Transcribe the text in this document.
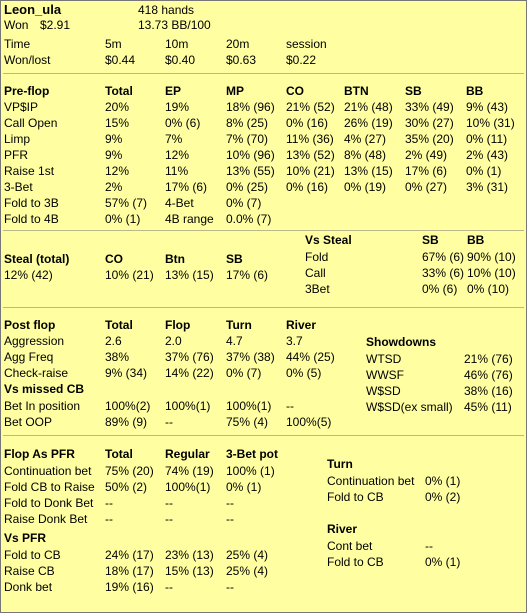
Leon_ula	418 hands
Won $2.91	13.73 BB/100
Time	5m	10m	20m	session
Won/lost	$0.44 $0.40	$0.63 $0.22
Pre-flop	Total	EP	MP	CO	BTN	SB	BB
VP$IP	20%	19%	18% (96) 21% (52) 21% (48) 33% (49) 9% (43)
Call Open	15%	0% (6) 8% (25) 0% (16) 26% (19) 30% (27) 10% (31)
Limp	9%	7%	7% (70) 11% (36) 4% (27) 35% (20) 0% (11)
PFR	9%	12%	10% (96) 13% (52) 8% (48) 2% (49) 2% (43)
Raise 1st	12%	11%	13% (55) 10% (21) 13% (15) 17% (6) 0% (1)
3-Bet	2%	17% (6) 0% (25) 0% (16) 0% (19) 0% (27) 3% (31)
Fold to 3B	57% (7) 4-Bet	0% (7)
Fold to 4B	0% (1) 4B range 0.0% (7)
Vs Steal	SB BB
Fold	67% (6) 90% (10)
Call	33% (6) 10% (10)
3Bet	0% (6) 0% (10)
Steal (total)	CO	Btn	SB
12% (42)	10% (21) 13% (15) 17% (6)
Post flop	Total	Flop	Turn	River
Aggression	2.6	2.0	4.7	3.7
Agg Freq	38%	37% (76) 37% (38) 44% (25)
Check-raise	9% (34) 14% (22) 0% (7) 0% (5)
Vs missed CB
Bet In position 100%(2) 100%(1) 100%(1) --
Bet OOP	89% (9) --	75% (4) 100%(5)
Showdowns
WTSD	21% (76)
WWSF	46% (76)
W$SD	38% (16)
W$SD(ex small) 45% (11)
Flop As PFR	Total	Regular 3-Bet pot
Continuation bet 75% (20) 74% (19) 100% (1)
Fold CB to Raise 50% (2) 100%(1) 0% (1)
Fold to Donk Bet --	--	--
Raise Donk Bet --	--	--
Vs PFR
Fold to CB	24% (17) 23% (13) 25% (4)
Raise CB	18% (17) 15% (13) 25% (4)
Donk bet	19% (16) --	--
Turn
Continuation bet 0% (1)
Fold to CB	0% (2)
River
Cont bet	--
Fold to CB	0% (1)
